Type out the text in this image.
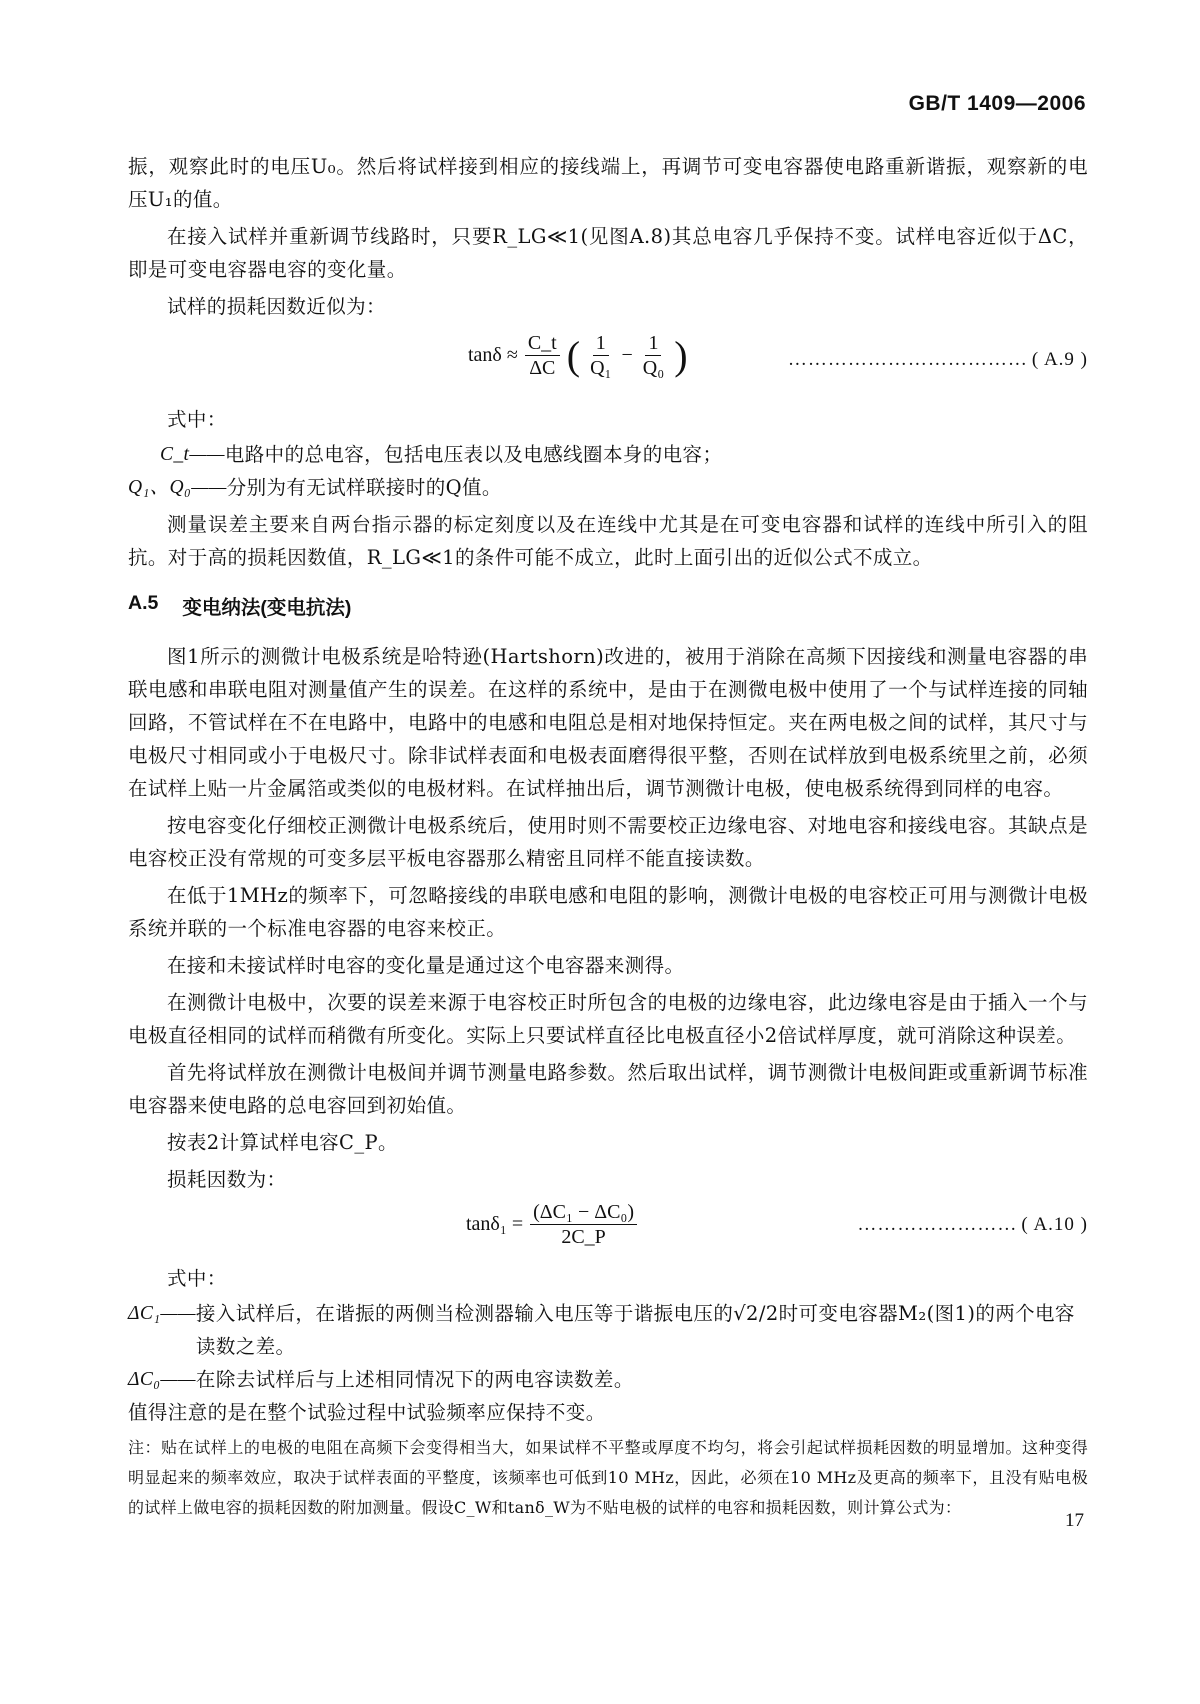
GB/T 1409—2006

振，观察此时的电压U₀。然后将试样接到相应的接线端上，再调节可变电容器使电路重新谐振，观察新的电压U₁的值。

在接入试样并重新调节线路时，只要R_LG≪1(见图A.8)其总电容几乎保持不变。试样电容近似于ΔC，即是可变电容器电容的变化量。

试样的损耗因数近似为：

$\tan\delta \approx \frac{C\_t}{\Delta C}$ ( $\frac{1}{\text{Q₁}} - \frac{1}{\text{Q₀}}$ )	……………………………… ( A.9 )

式中：

C_t—— 电路中的总电容，包括电压表以及电感线圈本身的电容；
Q₁、Q₀—— 分别为有无试样联接时的Q值。

测量误差主要来自两台指示器的标定刻度以及在连线中尤其是在可变电容器和试样的连线中所引入的阻抗。对于高的损耗因数值，R_LG≪1的条件可能不成立，此时上面引出的近似公式不成立。

A.5 变电纳法(变电抗法)

图1所示的测微计电极系统是哈特逊(Hartshorn)改进的，被用于消除在高频下因接线和测量电容器的串联电感和串联电阻对测量值产生的误差。在这样的系统中，是由于在测微电极中使用了一个与试样连接的同轴回路，不管试样在不在电路中，电路中的电感和电阻总是相对地保持恒定。夹在两电极之间的试样，其尺寸与电极尺寸相同或小于电极尺寸。除非试样表面和电极表面磨得很平整，否则在试样放到电极系统里之前，必须在试样上贴一片金属箔或类似的电极材料。在试样抽出后，调节测微计电极，使电极系统得到同样的电容。

按电容变化仔细校正测微计电极系统后，使用时则不需要校正边缘电容、对地电容和接线电容。其缺点是电容校正没有常规的可变多层平板电容器那么精密且同样不能直接读数。

在低于1MHz的频率下，可忽略接线的串联电感和电阻的影响，测微计电极的电容校正可用与测微计电极系统并联的一个标准电容器的电容来校正。

在接和未接试样时电容的变化量是通过这个电容器来测得。

在测微计电极中，次要的误差来源于电容校正时所包含的电极的边缘电容，此边缘电容是由于插入一个与电极直径相同的试样而稍微有所变化。实际上只要试样直径比电极直径小2倍试样厚度，就可消除这种误差。

首先将试样放在测微计电极间并调节测量电路参数。然后取出试样，调节测微计电极间距或重新调节标准电容器来使电路的总电容回到初始值。

按表2计算试样电容C_P。

损耗因数为：

$\tan\delta_1 = \frac{\text{(ΔC₁ − ΔC₀)}}{2C\_P}$	…………………… ( A.10 )

式中：

ΔC₁—— 接入试样后，在谐振的两侧当检测器输入电压等于谐振电压的√2/2时可变电容器M₂(图1)的两个电容读数之差。
ΔC₀—— 在除去试样后与上述相同情况下的两电容读数差。

值得注意的是在整个试验过程中试验频率应保持不变。

注：贴在试样上的电极的电阻在高频下会变得相当大，如果试样不平整或厚度不均匀，将会引起试样损耗因数的明显增加。这种变得明显起来的频率效应，取决于试样表面的平整度，该频率也可低到10 MHz，因此，必须在10 MHz及更高的频率下，且没有贴电极的试样上做电容的损耗因数的附加测量。假设C_W和tanδ_W为不贴电极的试样的电容和损耗因数，则计算公式为：
17
